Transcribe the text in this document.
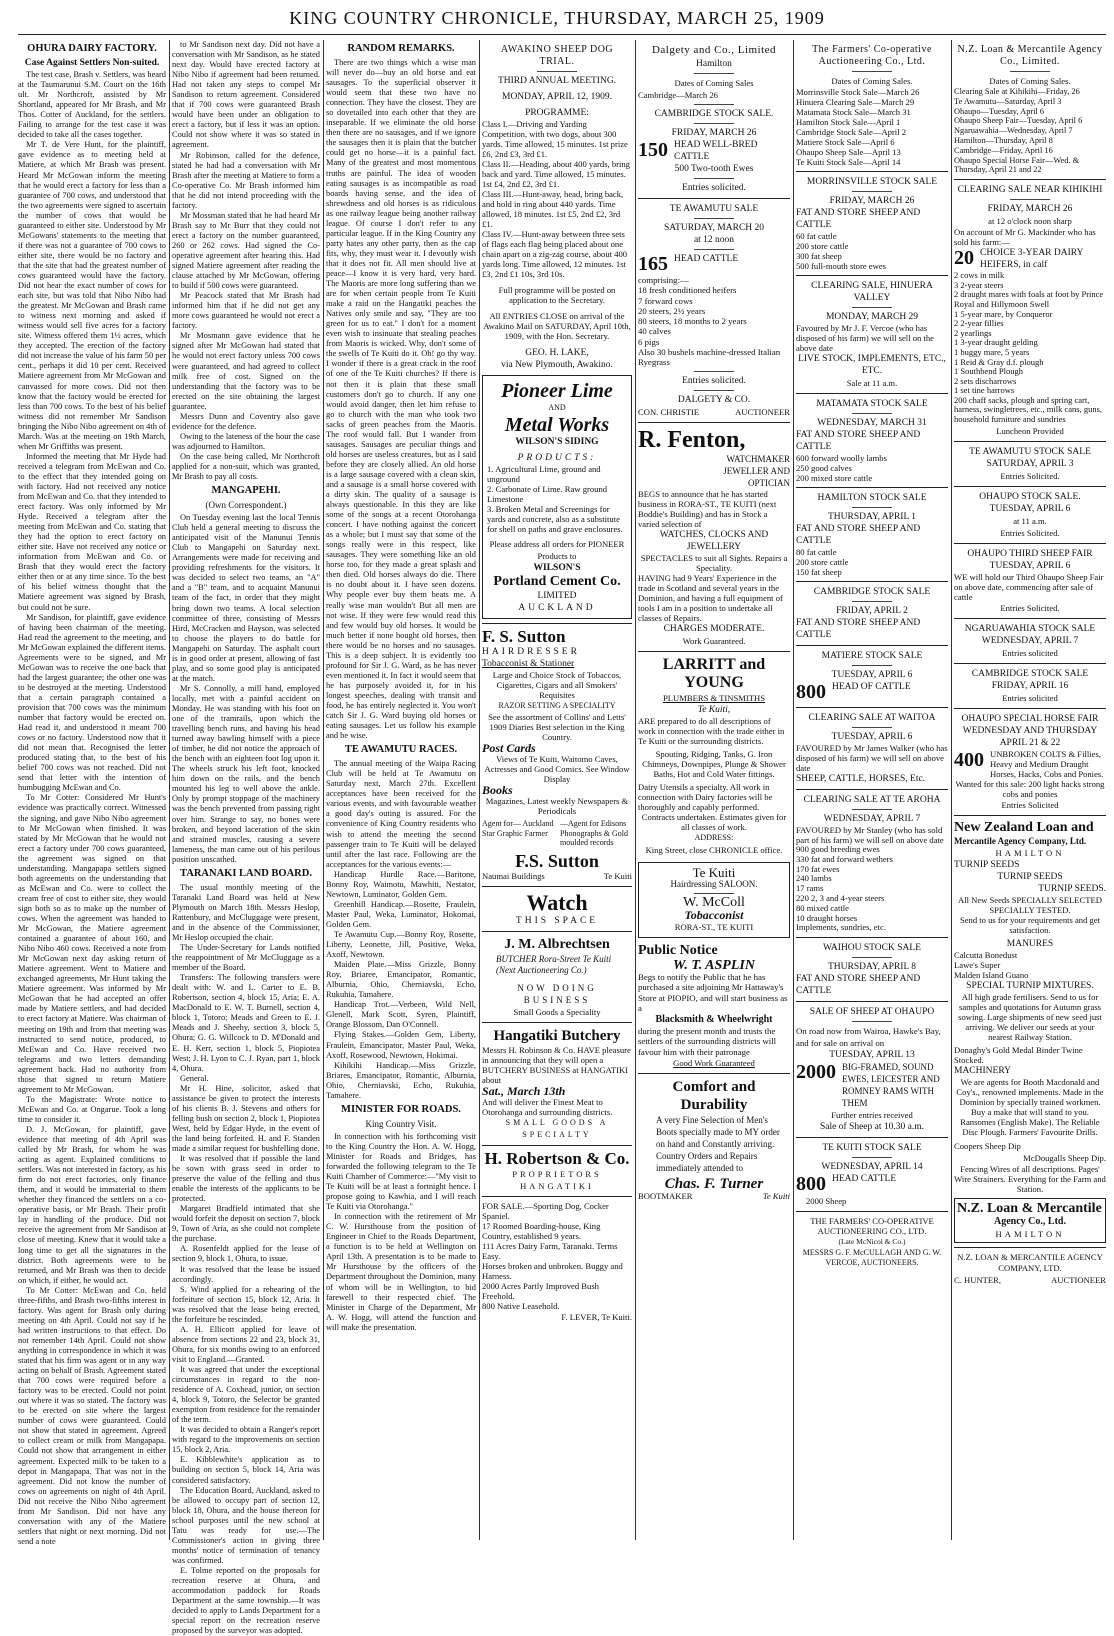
KING COUNTRY CHRONICLE, THURSDAY, MARCH 25, 1909
OHURA DAIRY FACTORY.
Case Against Settlers Non-suited.
The test case, Brash v. Settlers, was heard at the Taumarunui S.M. Court on the 16th ult. Mr Northcroft, assisted by Mr Shortland, appeared for Mr Brash, and Mr Thos. Cotter of Auckland, for the settlers. Failing to arrange for the test case it was decided to take all the cases together.
Mr T. de Vere Hunt, for the plaintiff, gave evidence as to meeting held at Matiere, at which Mr Brash was present. Heard Mr McGowan inform the meeting that he would erect a factory for less than a guarantee of 700 cows, and understood that the two agreements were signed to ascertain the number of cows that would be guaranteed to either site. Understood by Mr McGowans' statements to the meeting that if there was not a guarantee of 700 cows to either site, there would be no factory and that the site that had the greatest number of cows guaranteed would have the factory. Did not hear the exact number of cows for each site, but was told that Nibo Nibo had the greatest. Mr McGowan and Brash came to witness next morning and asked if witness would sell five acres for a factory site. Witness offered them 1½ acres, which they accepted. The erection of the factory did not increase the value of his farm 50 per cent., perhaps it did 10 per cent. Received Matiere agreement from Mr McGowan and canvassed for more cows. Did not then know that the factory would be erected for less than 700 cows. To the best of his belief witness did not remember Mr Sandison bringing the Nibo Nibo agreement on 4th of March. Was at the meeting on 19th March, when Mr Griffiths was present.
Informed the meeting that Mr Hyde had received a telegram from McEwan and Co. to the effect that they intended going on with factory. Had not received any notice from McEwan and Co. that they intended to erect factory. Was only informed by Mr Hyde. Received a telegram after the meeting from McEwan and Co. stating that they had the option to erect factory on either site. Have not received any notice or information from McEwan and Co. or Brash that they would erect the factory either then or at any time since. To the best of his belief witness thought that the Matiere agreement was signed by Brash, but could not be sure.
Mr Sandison, for plaintiff, gave evidence of having been chairman of the meeting. Had read the agreement to the meeting, and Mr McGowan explained the different items. Agreements were to be signed, and Mr McGowan was to receive the one back that had the largest guarantee; the other one was to be destroyed at the meeting. Understood that a certain paragraph contained a provision that 700 cows was the minimum number that factory would be erected on. Had read it, and understood it meant 700 cows or no factory. Understood now that it did not mean that. Recognised the letter produced stating that, to the best of his belief 700 cows was not reached. Did not send that letter with the intention of humbugging McEwan and Co.
To Mr Cotter: Considered Mr Hunt's evidence was practically correct. Witnessed the signing, and gave Nibo Nibo agreement to Mr McGowan when finished. It was stated by Mr McGowan that he would not erect a factory under 700 cows guaranteed, the agreement was signed on that understanding. Mangapapa settlers signed both agreements on the understanding that as McEwan and Co. were to collect the cream free of cost to either site, they would sign both so as to make up the number of cows. When the agreement was handed to Mr McGowan, the Matiere agreement contained a guarantee of about 160, and Nibo Nibo 460 cows. Received a note from Mr McGowan next day asking return of Matiere agreement. Went to Matiere and exchanged agreements, Mr Hunt taking the Matiere agreement. Was informed by Mr McGowan that he had accepted an offer made by Matiere settlers, and had decided to erect factory at Matiere. Was chairman of meeting on 19th and from that meeting was instructed to send notice, produced, to McEwan and Co. Have received two telegrams and two letters demanding agreement back. Had no authority from those that signed to return Matiere agreement to Mr McGowan.
To the Magistrate: Wrote notice to McEwan and Co. at Ongarue. Took a long time to consider it.
D. J. McGowan, for plaintiff, gave evidence that meeting of 4th April was called by Mr Brash, for whom he was acting as agent. Explained conditions to settlers. Was not interested in factory, as his firm do not erect factories, only finance them, and it would be immaterial to them whether they financed the settlers on a co-operative basis, or Mr Brash. Their profit lay in handling of the produce. Did not receive the agreement from Mr Sandison at close of meeting. Knew that it would take a long time to get all the signatures in the district. Both agreements were to be returned, and Mr Brash was then to decide on which, if either, he would act.
To Mr Cotter: McEwan and Co. held three-fifths, and Brash two-fifths interest in factory. Was agent for Brash only during meeting on 4th April. Could not say if he had written instructions to that effect. Do not remember 14th April. Could not show anything in correspondence in which it was stated that his firm was agent or in any way acting on behalf of Brash. Agreement stated that 700 cows were required before a factory was to be erected. Could not point out where it was so stated. The factory was to be erected on site where the largest number of cows were guaranteed. Could not show that stated in agreement. Agreed to collect cream or milk from Mangapapa. Could not show that arrangement in either agreement. Expected milk to be taken to a depot in Mangapapa. That was not in the agreement. Did not know the number of cows on agreements on night of 4th April. Did not receive the Nibo Nibo agreement from Mr Sandison. Did not have any conversation with any of the Matiere settlers that night or next morning. Did not send a note
to Mr Sandison next day. Did not have a conversation with Mr Sandison, as he stated next day. Would have erected factory at Nibo Nibo if agreement had been returned. Had not taken any steps to compel Mr Sandison to return agreement. Considered that if 700 cows were guaranteed Brash would have been under an obligation to erect a factory, but if less it was an option. Could not show where it was so stated in agreement.
Mr Robinson, called for the defence, stated he had had a conversation with Mr Brash after the meeting at Matiere to form a Co-operative Co. Mr Brash informed him that he did not intend proceeding with the factory.
Mr Mossman stated that he had heard Mr Brash say to Mr Burr that they could not erect a factory on the number guaranteed, 260 or 262 cows. Had signed the Co-operative agreement after hearing this. Had signed Matiere agreement after reading the clause attached by Mr McGowan, offering to build if 500 cows were guaranteed.
Mr Peacock stated that Mr Brash had informed him that if he did not get any more cows guaranteed he would not erect a factory.
Mr Mosmann gave evidence that he signed after Mr McGowan had stated that he would not erect factory unless 700 cows were guaranteed, and had agreed to collect milk free of cost. Signed on the understanding that the factory was to be erected on the site obtaining the largest guarantee.
Messrs Dunn and Coventry also gave evidence for the defence.
Owing to the lateness of the hour the case was adjourned to Hamilton.
On the case being called, Mr Northcroft applied for a non-suit, which was granted, Mr Brash to pay all costs.
MANGAPEHI.
(Own Correspondent.)
On Tuesday evening last the local Tennis Club held a general meeting to discuss the anticipated visit of the Manunui Tennis Club to Mangapehi on Saturday next. Arrangements were made for receiving and providing refreshments for the visitors. It was decided to select two teams, an "A" and a "B" team, and to acquaint Manunui team of the fact, in order that they might bring down two teams. A local selection committee of three, consisting of Messrs Hird, McCracken and Hayson, was selected to choose the players to do battle for Mangapehi on Saturday. The asphalt court is in good order at present, allowing of fast play, and so some good play is anticipated at the match.
Mr S. Connolly, a mill hand, employed locally, met with a painful accident on Monday. He was standing with his foot on one of the tramrails, upon which the travelling bench runs, and having his head turned away bawling himself with a piece of timber, he did not notice the approach of the bench with an eighteen foot log upon it. The wheels struck his left foot, knocked him down on the rails, and the bench mounted his leg to well above the ankle. Only by prompt stoppage of the machinery was the bench prevented from passing right over him. Strange to say, no bones were broken, and beyond laceration of the skin and strained muscles, causing a severe lameness, the man came out of his perilous position unscathed.
TARANAKI LAND BOARD.
The usual monthly meeting of the Taranaki Land Board was held at New Plymouth on March 18th. Messrs Heslop, Rattenbury, and McCluggage were present, and in the absence of the Commissioner, Mr Heslop occupied the chair.
The Under-Secretary for Lands notified the reappointment of Mr McCluggage as a member of the Board.
Transfers: The following transfers were dealt with: W. and L. Carter to E. B. Robertson, section 4, block 15, Aria; E. A. MacDonald to E. W. T. Burnell, section 4, block 1, Totoro; Meads and Green to E. J. Meads and J. Sheehy, section 3, block 5, Ohura; G. G. Willcock to D. M'Donald and E. H. Kerr, section 1, block 5, Piopiotea West; J. H. Lyon to C. J. Ryan, part 1, block 4, Ohura.
General.
Mr H. Hine, solicitor, asked that assistance be given to protect the interests of his clients B. J. Stevens and others for felling bush on section 2, block 1, Piopiotea West, held by Edgar Hyde, in the event of the land being forfeited. H. and F. Standen made a similar request for bushfelling done.
It was resolved that if possible the land be sown with grass seed in order to preserve the value of the felling and thus enable the interests of the applicants to be protected.
Margaret Bradfield intimated that she would forfeit the deposit on section 7, block 9, Town of Aria, as she could not complete the purchase.
A. Rosenfeldt applied for the lease of section 9, block 1, Ohura, to issue.
It was resolved that the lease be issued accordingly.
S. Wind applied for a rehearing of the forfeiture of section 15, block 12, Aria. It was resolved that the lease being erected, the forfeiture be rescinded.
A. H. Ellicott applied for leave of absence from sections 22 and 23, block 31, Ohura, for six months owing to an enforced visit to England.—Granted.
It was agreed that under the exceptional circumstances in regard to the non-residence of A. Coxhead, junior, on section 4, block 9, Totoro, the Selector be granted exemption from residence for the remainder of the term.
It was decided to obtain a Ranger's report with regard to the improvements on section 15, block 2, Aria.
E. Kibblewhite's application as to building on section 5, block 14, Aria was considered satisfactory.
The Education Board, Auckland, asked to be allowed to occupy part of section 12, block 18, Ohura, and the house thereon for school purposes until the new school at Tatu was ready for use.—The Commissioner's action in giving three months' notice of termination of tenancy was confirmed.
E. Tolme reported on the proposals for recreation reserve at Ohura, and accommodation paddock for Roads Department at the same township.—It was decided to apply to Lands Department for a special report on the recreation reserve proposed by the surveyor was adopted.
RANDOM REMARKS.
There are two things which a wise man will never do—buy an old horse and eat sausages. To the superficial observer it would seem that these two have no connection. They have the closest. They are so dovetailed into each other that they are inseparable. If we eliminate the old horse then there are no sausages, and if we ignore the sausages then it is plain that the butcher could get no horse—it is a painful fact. Many of the greatest and most momentous truths are painful. The idea of wooden eating sausages is as incompatible as road boards having sense, and the idea of shrewdness and old horses is as ridiculous as one railway league being another railway league. Of course I don't refer to any particular league. If in the King Country any party hates any other party, then as the cap fits, why, they must wear it. I devoutly wish that it does not fit. All men should live at peace—I know it is very hard, very hard. The Maoris are more long suffering than we are for when certain people from Te Kuiti make a raid on the Hangatiki peaches the Natives only smile and say, "They are too green for us to eat." I don't for a moment even wish to insinuate that stealing peaches from Maoris is wicked. Why, don't some of the swells of Te Kuiti do it. Oh! go thy way. I wonder if there is a great crack in the roof of one of the Te Kuiti churches? If there is not then it is plain that these small customers don't go to church. If any one would avoid danger, then let him refuse to go to church with the man who took two sacks of green peaches from the Maoris. The roof would fall. But I wander from sausages. Sausages are peculiar things and old horses are useless creatures, but as I said before they are closely allied. An old horse is a large sausage covered with a clean skin, and a sausage is a small horse covered with a dirty skin. The quality of a sausage is always questionable. In this they are like some of the songs at a recent Otorohanga concert. I have nothing against the concert as a whole; but I must say that some of the songs really were in this respect, like sausages. They were something like an old horse too, for they made a great splash and then died. Old horses always do die. There is no doubt about it. I have seen dozens. Why people ever buy them beats me. A really wise man wouldn't But all men are not wise. If they were few would read this and few would buy old horses. It would be much better if none bought old horses, then there would be no horses and no sausages. This is a deep subject. It is evidently too profound for Sir J. G. Ward, as he has never even mentioned it. In fact it would seem that he has purposely avoided it, for in his longest speeches, dealing with transit and food, he has entirely neglected it. You won't catch Sir J. G. Ward buying old horses or eating sausages. Let us follow his example and be wise.
TE AWAMUTU RACES.
The annual meeting of the Waipa Racing Club will be held at Te Awamutu on Saturday next, March 27th. Excellent acceptances have been received for the various events, and with favourable weather a good day's outing is assured. For the convenience of King Country residents who wish to attend the meeting the second passenger train to Te Kuiti will be delayed until after the last race. Following are the acceptances for the various events:—
Handicap Hurdle Race.—Baritone, Bonny Roy, Waimotu, Mawhiti, Nestator, Newtown, Luminator, Golden Gem.
Greenhill Handicap.—Rosette, Fraulein, Master Paul, Weka, Luminator, Hokomai, Golden Gem.
Te Awamutu Cup.—Bonny Roy, Rosette, Liberty, Leonette, Jill, Positive, Weka, Axoff, Newtown.
Maiden Plate.—Miss Grizzle, Bonny Roy, Briaree, Emancipator, Romantic, Alburnia, Ohio, Cherniavski, Echo, Rukuhia, Tamahere.
Handicap Trot.—Verbeen, Wild Nell, Glenell, Mark Scott, Syren, Plaintiff, Orange Blossom, Dan O'Connell.
Flying Stakes.—Golden Gem, Liberty, Fraulein, Emancipator, Master Paul, Weka, Axoff, Rosewood, Newtown, Hokimai.
Kihikihi Handicap.—Miss Grizzle, Briares, Emancipator, Romantic, Alburnia, Ohio, Cherniavski, Echo, Rukuhia, Tamahere.
MINISTER FOR ROADS.
King Country Visit.
In connection with his forthcoming visit to the King Country the Hon. A. W. Hogg, Minister for Roads and Bridges, has forwarded the following telegram to the Te Kuiti Chamber of Commerce:—"My visit to Te Kuiti will be at least a fortnight hence. I propose going to Kawhia, and I will reach Te Kuiti via Otorohanga."
In connection with the retirement of Mr C. W. Hursthouse from the position of Engineer in Chief to the Roads Department, a function is to be held at Wellington on April 13th. A presentation is to be made to Mr Hursthouse by the officers of the Department throughout the Dominion, many of whom will be in Wellington, to bid farewell to their respected chief. The Minister in Charge of the Department, Mr A. W. Hogg, will attend the function and will make the presentation.
AWAKINO SHEEP DOG TRIAL.
THIRD ANNUAL MEETING.
MONDAY, APRIL 12, 1909.
PROGRAMME:
Class I.—Driving and Yarding Competition, with two dogs, about 300 yards. Time allowed, 15 minutes. 1st prize £6, 2nd £3, 3rd £1.
Class II.—Heading, about 400 yards, bring back and yard. Time allowed, 15 minutes. 1st £4, 2nd £2, 3rd £1.
Class III.—Hunt-away, head, bring back, and hold in ring about 440 yards. Time allowed, 18 minutes. 1st £5, 2nd £2, 3rd £1.
Class IV.—Hunt-away between three sets of flags each flag being placed about one chain apart on a zig-zag course, about 400 yards long. Time allowed, 12 minutes. 1st £3, 2nd £1 10s, 3rd 10s.
Full programme will be posted on application to the Secretary.
All ENTRIES CLOSE on arrival of the Awakino Mail on SATURDAY, April 10th, 1909, with the Hon. Secretary.
GEO. H. LAKE,
via New Plymouth, Awakino.
Pioneer Lime
AND
Metal Works
WILSON'S SIDING
PRODUCTS:
1. Agricultural Lime, ground and unground
2. Carbonate of Lime. Raw ground Limestone
3. Broken Metal and Screenings for yards and concrete, also as a substitute for shell on paths and grave enclosures.
Please address all orders for PIONEER Products to
WILSON'S
Portland Cement Co.
LIMITED
AUCKLAND
F. S. Sutton
HAIRDRESSER
Tobacconist & Stationer
Large and Choice Stock of Tobaccos, Cigarettes, Cigars and all Smokers' Requisites
RAZOR SETTING A SPECIALITY
See the assortment of Collins' and Letts' 1909 Diaries Best selection in the King Country.
Post Cards
Views of Te Kuiti, Waitomo Caves, Actresses and Good Comics. See Window Display
Books
Magazines, Latest weekly Newspapers & Periodicals
Agent for— Auckland Star Graphic Farmer
—Agent for Edisons Phonographs & Gold moulded records
F.S. Sutton
Naumai Buildings	Te Kuiti
Watch
THIS SPACE
J. M. Albrechtsen
BUTCHER Rora-Street Te Kuiti (Next Auctioneering Co.)
NOW DOING BUSINESS
Small Goods a Speciality
Hangatiki Butchery
Messrs H. Robinson & Co. HAVE pleasure in announcing that they will open a BUTCHERY BUSINESS at HANGATIKI about
Sat., March 13th
And will deliver the Finest Meat to Otorohanga and surrounding districts.
SMALL GOODS A SPECIALTY
H. Robertson & Co.
PROPRIETORS HANGATIKI
FOR SALE.—Sporting Dog, Cocker Spaniel.
17 Roomed Boarding-house, King Country, established 9 years.
111 Acres Dairy Farm, Taranaki. Terms Easy.
Horses broken and unbroken. Buggy and Harness.
2000 Acres Partly Improved Bush Freehold.
800 Native Leasehold.
F. LEVER, Te Kuiti.
Dalgety and Co., Limited
Hamilton
Dates of Coming Sales
Cambridge—March 26
CAMBRIDGE STOCK SALE.
FRIDAY, MARCH 26
150 HEAD WELL-BRED CATTLE
500 Two-tooth Ewes
Entries solicited.
TE AWAMUTU SALE
SATURDAY, MARCH 20
at 12 noon
165 HEAD CATTLE
comprising:—
18 fresh conditioned heifers
7 forward cows
20 steers, 2½ years
80 steers, 18 months to 2 years
40 calves
6 pigs
Also 30 bushels machine-dressed Italian Ryegrass
Entries solicited.
DALGETY & CO.
CON. CHRISTIE	AUCTIONEER
R. Fenton,
WATCHMAKER JEWELLER AND OPTICIAN
BEGS to announce that he has started business in RORA-ST., TE KUITI (next Boddie's Building) and has in Stock a varied selection of
WATCHES, CLOCKS AND JEWELLERY
SPECTACLES to suit all Sights. Repairs a Speciality.
HAVING had 9 Years' Experience in the trade in Scotland and several years in the Dominion, and having a full equipment of tools I am in a position to undertake all classes of Repairs.
CHARGES MODERATE.
Work Guaranteed.
LARRITT and YOUNG
PLUMBERS & TINSMITHS
Te Kuiti,
ARE prepared to do all descriptions of work in connection with the trade either in Te Kuiti or the surrounding districts.
Spouting, Ridging, Tanks, G. Iron Chimneys, Downpipes, Plunge & Shower Baths, Hot and Cold Water fittings.
Dairy Utensils a specialty. All work in connection with Dairy factories will be thoroughly and capably performed.
Contracts undertaken. Estimates given for all classes of work.
ADDRESS:
King Street, close CHRONICLE office.
Te Kuiti
Hairdressing SALOON.
W. McColl
Tobacconist
RORA-ST., TE KUITI
Public Notice
W. T. ASPLIN
Begs to notify the Public that he has purchased a site adjoining Mr Hattaway's Store at PIOPIO, and will start business as a
Blacksmith & Wheelwright
during the present month and trusts the settlers of the surrounding districts will favour him with their patronage
Good Work Guaranteed
Comfort and Durability
A very Fine Selection of Men's Boots specially made to MY order on hand and Constantly arriving. Country Orders and Repairs immediately attended to
Chas. F. Turner
BOOTMAKER	Te Kuiti
The Farmers' Co-operative Auctioneering Co., Ltd.
Dates of Coming Sales.
Morrinsville Stock Sale—March 26
Hinuera Clearing Sale—March 29
Matamata Stock Sale—March 31
Hamilton Stock Sale—April 1
Cambridge Stock Sale—April 2
Matiere Stock Sale—April 6
Ohaupo Sheep Sale—April 13
Te Kuiti Stock Sale—April 14
MORRINSVILLE STOCK SALE
FRIDAY, MARCH 26
FAT AND STORE SHEEP AND CATTLE
60 fat cattle
200 store cattle
300 fat sheep
500 full-mouth store ewes
CLEARING SALE, HINUERA VALLEY
MONDAY, MARCH 29
Favoured by Mr J. F. Vercoe (who has disposed of his farm) we will sell on the above date
LIVE STOCK, IMPLEMENTS, ETC., ETC.
Sale at 11 a.m.
MATAMATA STOCK SALE
WEDNESDAY, MARCH 31
FAT AND STORE SHEEP AND CATTLE
600 forward woolly lambs
250 good calves
200 mixed store cattle
HAMILTON STOCK SALE
THURSDAY, APRIL 1
FAT AND STORE SHEEP AND CATTLE
80 fat cattle
200 store cattle
150 fat sheep
CAMBRIDGE STOCK SALE
FRIDAY, APRIL 2
FAT AND STORE SHEEP AND CATTLE
MATIERE STOCK SALE
TUESDAY, APRIL 6
800 HEAD OF CATTLE
CLEARING SALE AT WAITOA
TUESDAY, APRIL 6
FAVOURED by Mr James Walker (who has disposed of his farm) we will sell on above date
SHEEP, CATTLE, HORSES, Etc.
CLEARING SALE AT TE AROHA
WEDNESDAY, APRIL 7
FAVOURED by Mr Stanley (who has sold part of his farm) we will sell on above date
900 good breeding ewes
330 fat and forward wethers
170 fat ewes
240 lambs
17 rams
220 2, 3 and 4-year steers
80 mixed cattle
10 draught horses
Implements, sundries, etc.
WAIHOU STOCK SALE
THURSDAY, APRIL 8
FAT AND STORE SHEEP AND CATTLE
SALE OF SHEEP AT OHAUPO
On road now from Wairoa, Hawke's Bay, and for sale on arrival on
TUESDAY, APRIL 13
2000 BIG-FRAMED, SOUND EWES, LEICESTER AND ROMNEY RAMS WITH THEM
Further entries received
Sale of Sheep at 10.30 a.m.
TE KUITI STOCK SALE
WEDNESDAY, APRIL 14
800 HEAD CATTLE
2000 Sheep
THE FARMERS' CO-OPERATIVE AUCTIONEERING CO., LTD.
(Late McNicol & Co.)
MESSRS G. F. McCULLAGH AND G. W. VERCOE, AUCTIONEERS.
N.Z. Loan & Mercantile Agency Co., Limited.
Dates of Coming Sales.
Clearing Sale at Kihikihi—Friday, 26
Te Awamutu—Saturday, April 3
Ohaupo—Tuesday, April 6
Ohaupo Sheep Fair—Tuesday, April 6
Ngaruawahia—Wednesday, April 7
Hamilton—Thursday, April 8
Cambridge—Friday, April 16
Ohaupo Special Horse Fair—Wed. & Thursday, April 21 and 22
CLEARING SALE NEAR KIHIKIHI
FRIDAY, MARCH 26
at 12 o'clock noon sharp
On account of Mr G. Mackinder who has sold his farm:—
20 CHOICE 3-YEAR DAIRY HEIFERS, in calf
2 cows in milk
3 2-year steers
2 draught mares with foals at foot by Prince Royal and Hillymoon Swell
1 5-year mare, by Conqueror
2 2-year fillies
2 yearlings
1 3-year draught gelding
1 buggy mare, 5 years
1 Reid & Gray d.f. plough
1 Southbend Plough
2 sets discharrows
1 set tine harrows
200 chaff sacks, plough and spring cart, harness, swingletrees, etc., milk cans, guns, household furniture and sundries
Luncheon Provided
TE AWAMUTU STOCK SALE
SATURDAY, APRIL 3
Entries Solicited.
OHAUPO STOCK SALE.
TUESDAY, APRIL 6
at 11 a.m.
Entries Solicited.
OHAUPO THIRD SHEEP FAIR
TUESDAY, APRIL 6
WE will hold our Third Ohaupo Sheep Fair on above date, commencing after sale of cattle
Entries Solicited.
NGARUAWAHIA STOCK SALE
WEDNESDAY, APRIL 7
Entries solicited
CAMBRIDGE STOCK SALE
FRIDAY, APRIL 16
Entries solicited
OHAUPO SPECIAL HORSE FAIR
WEDNESDAY AND THURSDAY APRIL 21 & 22
400 UNBROKEN COLTS & Fillies, Heavy and Medium Draught Horses, Hacks, Cobs and Ponies.
Wanted for this sale: 200 light hacks strong cobs and ponies
Entries Solicited
New Zealand Loan and
Mercantile Agency Company, Ltd.
HAMILTON
TURNIP SEEDS
TURNIP SEEDS
TURNIP SEEDS.
All New Seeds SPECIALLY SELECTED SPECIALLY TESTED.
Send to us for your requirements and get satisfaction.
MANURES
Calcutta Bonedust
Lawe's Super
Malden Island Guano
SPECIAL TURNIP MIXTURES.
All high grade fertilisers. Send to us for samples and quotations for Autumn grass sowing. Large shipments of new seed just arriving. We deliver our seeds at your nearest Railway Station.
Donaghy's Gold Medal Binder Twine Stocked.
MACHINERY
We are agents for Booth Macdonald and Coy's., renowned implements. Made in the Dominion by specially trained workmen. Buy a make that will stand to you. Ransomes (English Make). The Reliable Disc Plough. Farmers' Favourite Drills.
Coopers Sheep Dip
McDougalls Sheep Dip.
Fencing Wires of all descriptions. Pages' Wire Strainers. Everything for the Farm and Station.
N.Z. Loan & Mercantile
Agency Co., Ltd.
HAMILTON
N.Z. LOAN & MERCANTILE AGENCY COMPANY, LTD.
C. HUNTER,	AUCTIONEER
